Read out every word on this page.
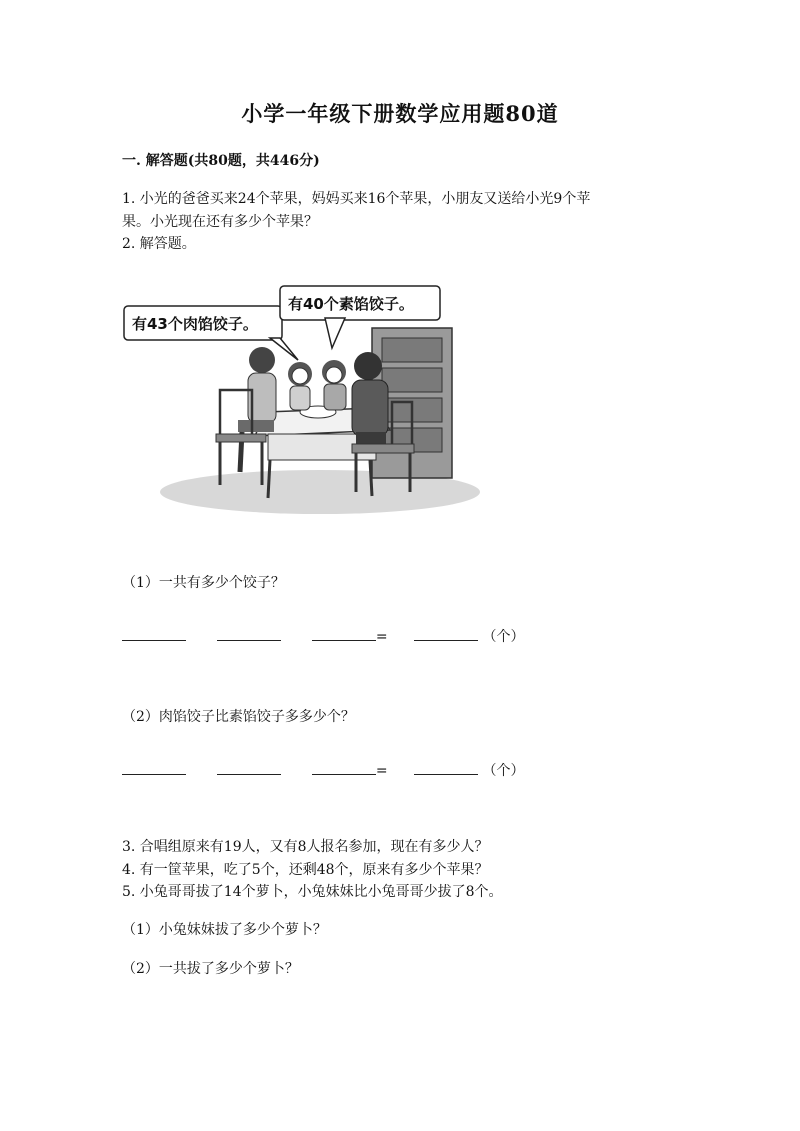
小学一年级下册数学应用题80道
一. 解答题(共80题，共446分)
1. 小光的爸爸买来24个苹果，妈妈买来16个苹果，小朋友又送给小光9个苹
果。小光现在还有多少个苹果？
2. 解答题。
有43个肉馅饺子。
有40个素馅饺子。
（1）一共有多少个饺子？
=	（个）
（2）肉馅饺子比素馅饺子多多少个？
=	（个）
3. 合唱组原来有19人，又有8人报名参加，现在有多少人？
4. 有一筐苹果，吃了5个，还剩48个，原来有多少个苹果？
5. 小兔哥哥拔了14个萝卜，小兔妹妹比小兔哥哥少拔了8个。
（1）小兔妹妹拔了多少个萝卜？
（2）一共拔了多少个萝卜？
